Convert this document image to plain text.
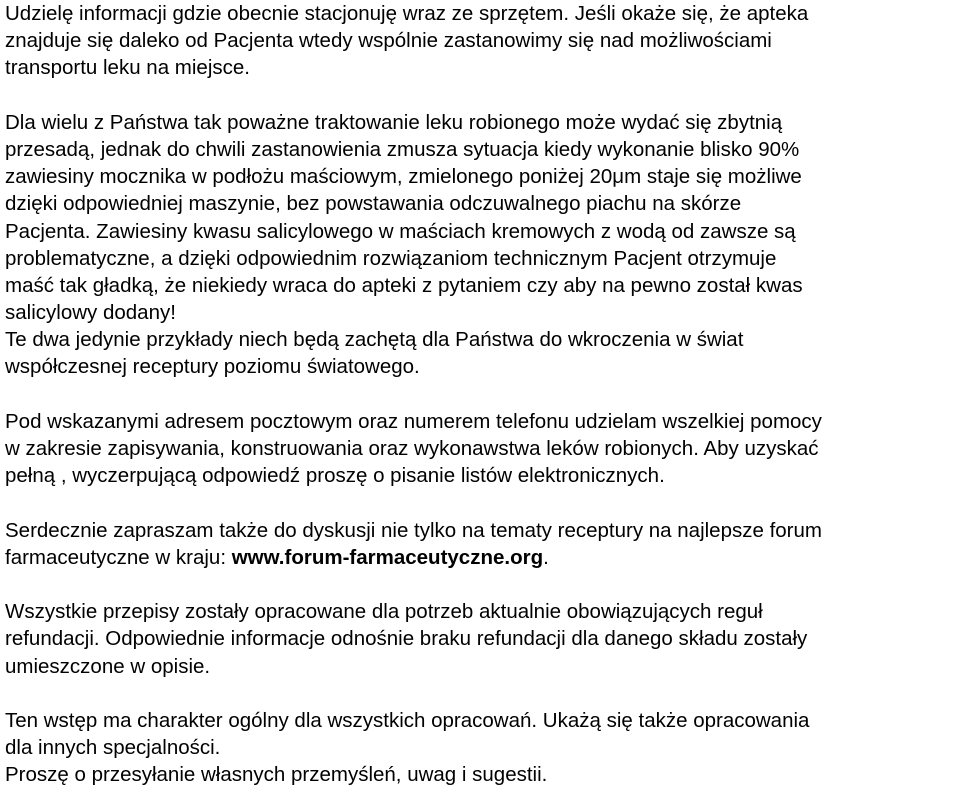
Udzielę informacji gdzie obecnie stacjonuję wraz ze sprzętem. Jeśli okaże się, że apteka
znajduje się daleko od Pacjenta wtedy wspólnie zastanowimy się nad możliwościami
transportu leku na miejsce.
Dla wielu z Państwa tak poważne traktowanie leku robionego może wydać się zbytnią
przesadą, jednak do chwili zastanowienia zmusza sytuacja kiedy wykonanie blisko 90%
zawiesiny mocznika w podłożu maściowym, zmielonego poniżej 20μm staje się możliwe
dzięki odpowiedniej maszynie, bez powstawania odczuwalnego piachu na skórze
Pacjenta. Zawiesiny kwasu salicylowego w maściach kremowych z wodą od zawsze są
problematyczne, a dzięki odpowiednim rozwiązaniom technicznym Pacjent otrzymuje
maść tak gładką, że niekiedy wraca do apteki z pytaniem czy aby na pewno został kwas
salicylowy dodany!
Te dwa jedynie przykłady niech będą zachętą dla Państwa do wkroczenia w świat
współczesnej receptury poziomu światowego.
Pod wskazanymi adresem pocztowym oraz numerem telefonu udzielam wszelkiej pomocy
w zakresie zapisywania, konstruowania oraz wykonawstwa leków robionych. Aby uzyskać
pełną , wyczerpującą odpowiedź proszę o pisanie listów elektronicznych.
Serdecznie zapraszam także do dyskusji nie tylko na tematy receptury na najlepsze forum
farmaceutyczne w kraju: www.forum-farmaceutyczne.org.
Wszystkie przepisy zostały opracowane dla potrzeb aktualnie obowiązujących reguł
refundacji. Odpowiednie informacje odnośnie braku refundacji dla danego składu zostały
umieszczone w opisie.
Ten wstęp ma charakter ogólny dla wszystkich opracowań. Ukażą się także opracowania
dla innych specjalności.
Proszę o przesyłanie własnych przemyśleń, uwag i sugestii.
